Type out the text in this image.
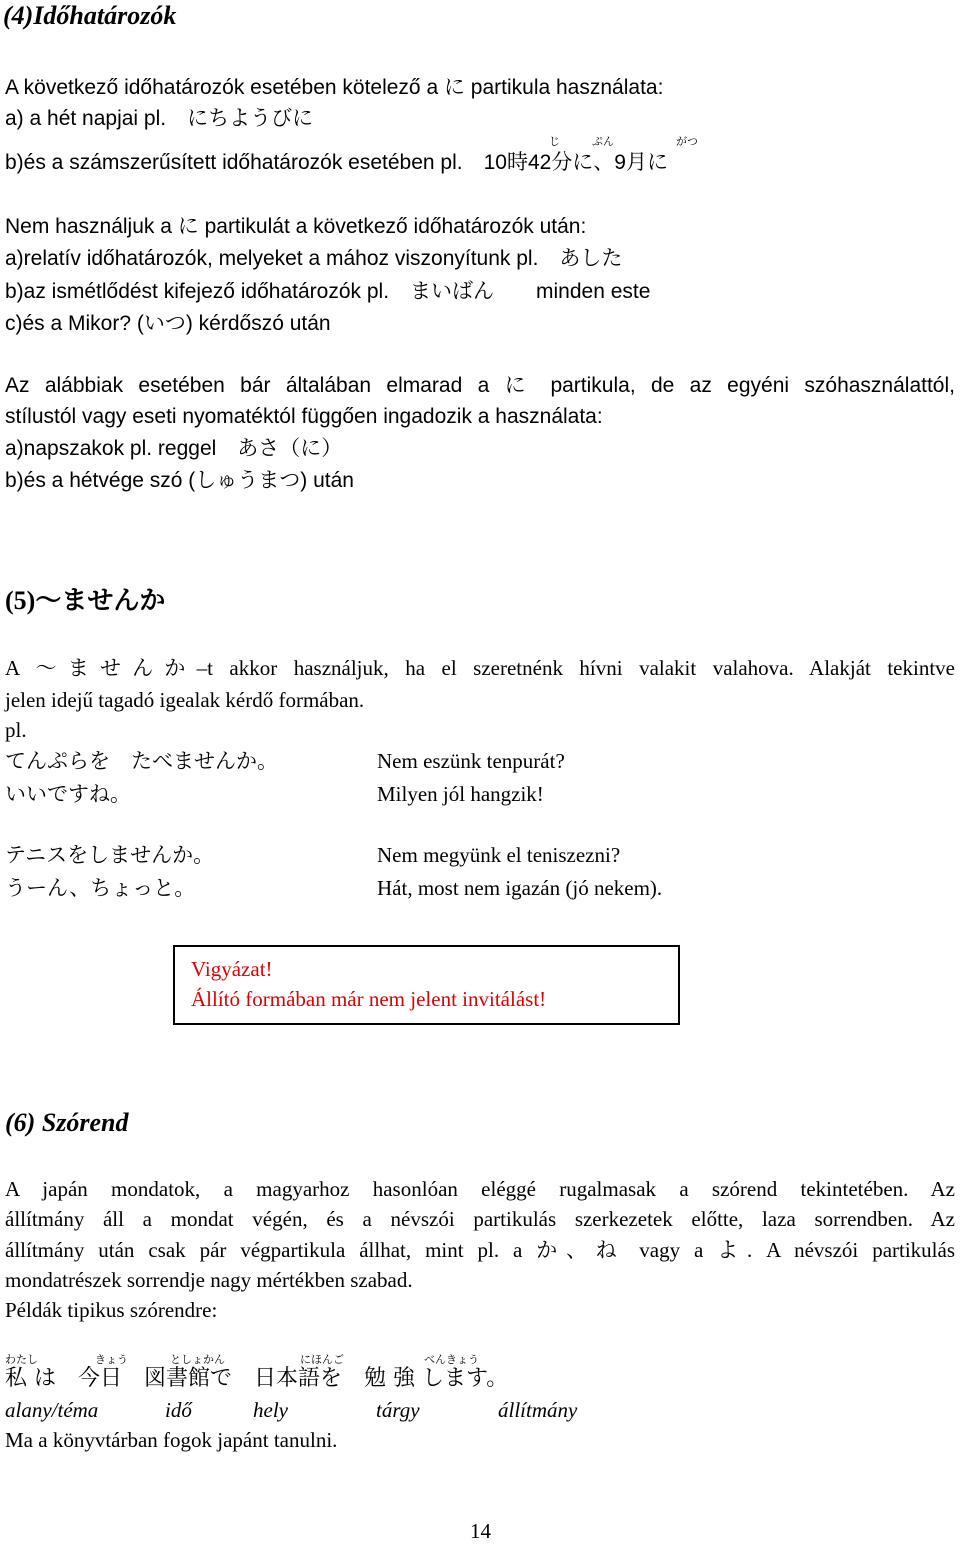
(4)Időhatározók
A következő időhatározók esetében kötelező a に partikula használata:
a) a hét napjai pl.　にちようびに
じ	ぷん	がつ
b)és a számszerűsített időhatározók esetében pl.　10時42分に、9月に
Nem használjuk a に partikulát a következő időhatározók után:
a)relatív időhatározók, melyeket a mához viszonyítunk pl.　あした
b)az ismétlődést kifejező időhatározók pl.　まいばん　　minden este
c)és a Mikor? (いつ) kérdőszó után
Az alábbiak esetében bár általában elmarad a に partikula, de az egyéni szóhasználattól,
stílustól vagy eseti nyomatéktól függően ingadozik a használata:
a)napszakok pl. reggel　あさ（に）
b)és a hétvége szó (しゅうまつ) után
(5)～ませんか
A ～ませんか–t akkor használjuk, ha el szeretnénk hívni valakit valahova. Alakját tekintve
jelen idejű tagadó igealak kérdő formában.
pl.
てんぷらを　たべませんか。	Nem eszünk tenpurát?
いいですね。	Milyen jól hangzik!
テニスをしませんか。	Nem megyünk el teniszezni?
うーん、ちょっと。	Hát, most nem igazán (jó nekem).
Vigyázat!
Állító formában már nem jelent invitálást!
(6) Szórend
A japán mondatok, a magyarhoz hasonlóan eléggé rugalmasak a szórend tekintetében. Az
állítmány áll a mondat végén, és a névszói partikulás szerkezetek előtte, laza sorrendben. Az
állítmány után csak pár végpartikula állhat, mint pl. a か、ね vagy a よ. A névszói partikulás
mondatrészek sorrendje nagy mértékben szabad.
Példák tipikus szórendre:
わたし	きょう	としょかん	にほんご	べんきょう
私 は　今日　図書館で　日本語を　勉 強 します。
alany/téma	idő	hely	tárgy	állítmány
Ma a könyvtárban fogok japánt tanulni.
14
